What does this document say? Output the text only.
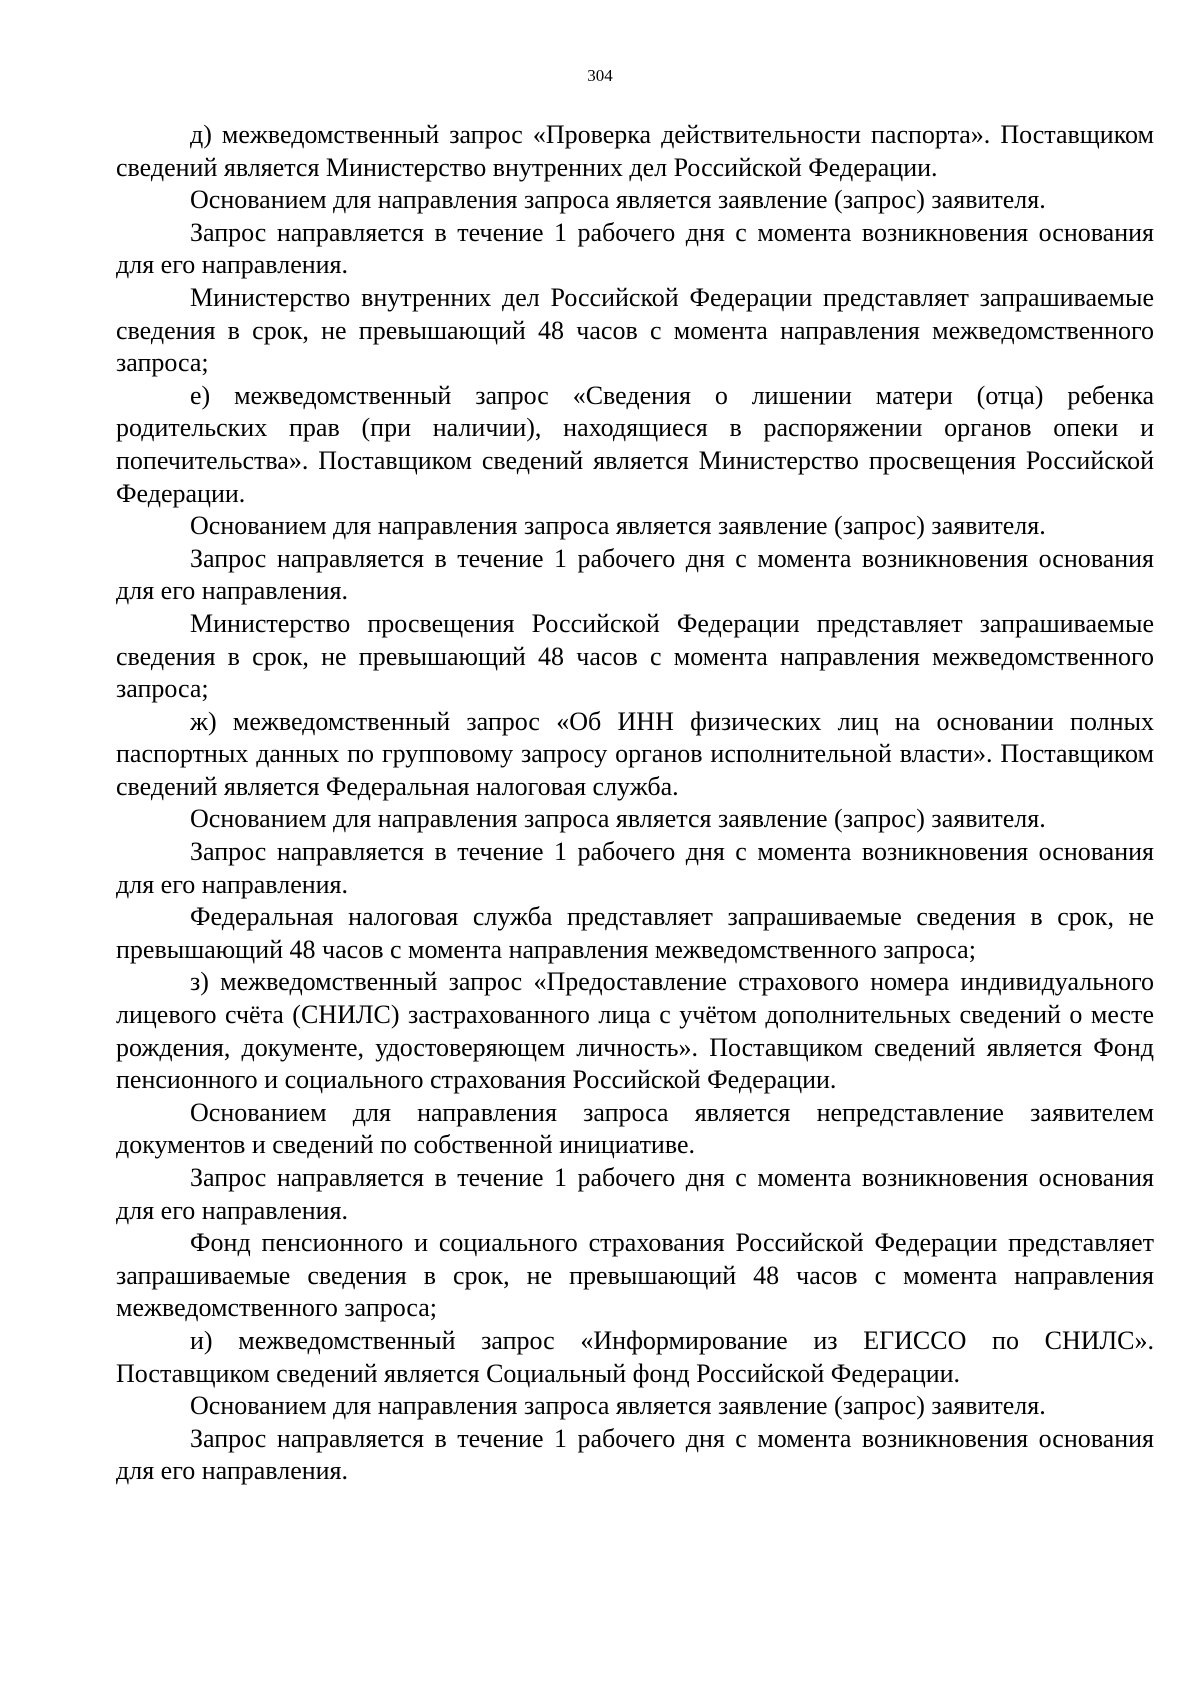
304

д) межведомственный запрос «Проверка действительности паспорта». Поставщиком сведений является Министерство внутренних дел Российской Федерации.

Основанием для направления запроса является заявление (запрос) заявителя.

Запрос направляется в течение 1 рабочего дня с момента возникновения основания для его направления.

Министерство внутренних дел Российской Федерации представляет запрашиваемые сведения в срок, не превышающий 48 часов с момента направления межведомственного запроса;

е) межведомственный запрос «Сведения о лишении матери (отца) ребенка родительских прав (при наличии), находящиеся в распоряжении органов опеки и попечительства». Поставщиком сведений является Министерство просвещения Российской Федерации.

Основанием для направления запроса является заявление (запрос) заявителя.

Запрос направляется в течение 1 рабочего дня с момента возникновения основания для его направления.

Министерство просвещения Российской Федерации представляет запрашиваемые сведения в срок, не превышающий 48 часов с момента направления межведомственного запроса;

ж) межведомственный запрос «Об ИНН физических лиц на основании полных паспортных данных по групповому запросу органов исполнительной власти». Поставщиком сведений является Федеральная налоговая служба.

Основанием для направления запроса является заявление (запрос) заявителя.

Запрос направляется в течение 1 рабочего дня с момента возникновения основания для его направления.

Федеральная налоговая служба представляет запрашиваемые сведения в срок, не превышающий 48 часов с момента направления межведомственного запроса;

з) межведомственный запрос «Предоставление страхового номера индивидуального лицевого счёта (СНИЛС) застрахованного лица с учётом дополнительных сведений о месте рождения, документе, удостоверяющем личность». Поставщиком сведений является Фонд пенсионного и социального страхования Российской Федерации.

Основанием для направления запроса является непредставление заявителем документов и сведений по собственной инициативе.

Запрос направляется в течение 1 рабочего дня с момента возникновения основания для его направления.

Фонд пенсионного и социального страхования Российской Федерации представляет запрашиваемые сведения в срок, не превышающий 48 часов с момента направления межведомственного запроса;

и) межведомственный запрос «Информирование из ЕГИССО по СНИЛС». Поставщиком сведений является Социальный фонд Российской Федерации.

Основанием для направления запроса является заявление (запрос) заявителя.

Запрос направляется в течение 1 рабочего дня с момента возникновения основания для его направления.
